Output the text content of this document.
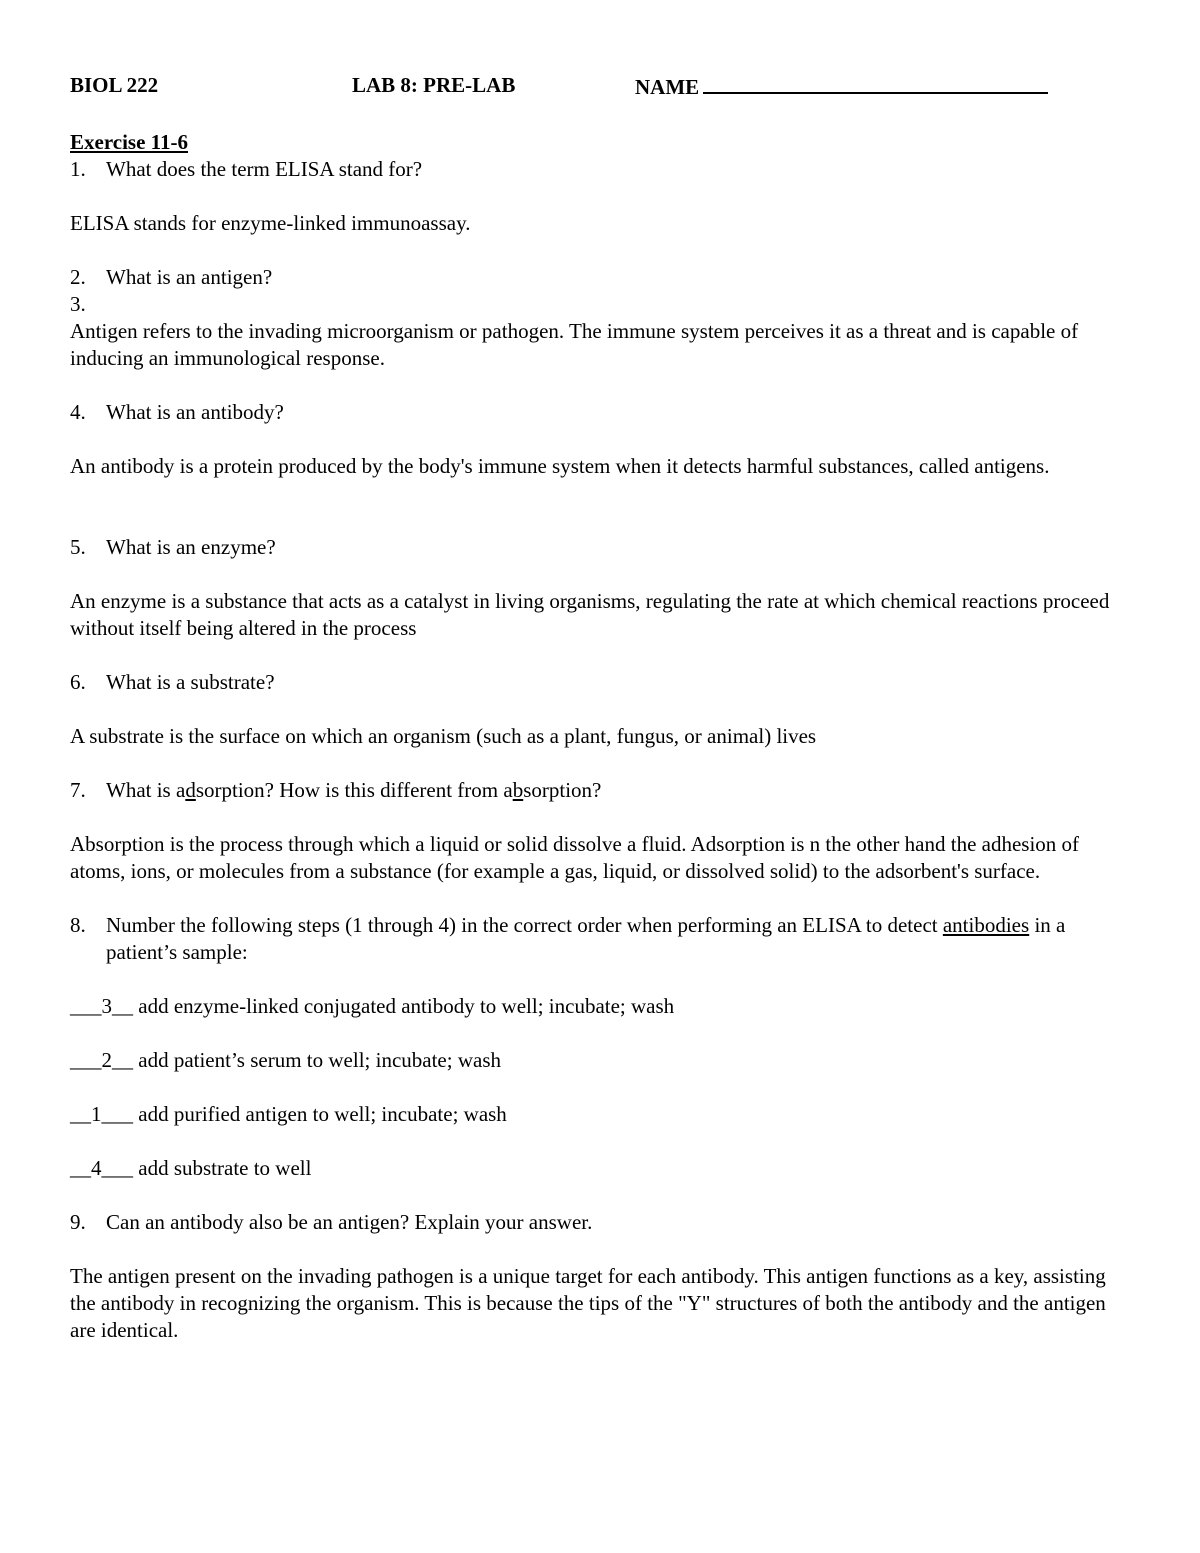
BIOL 222	LAB 8: PRE-LAB	NAME
Exercise 11-6
1. What does the term ELISA stand for?

ELISA stands for enzyme-linked immunoassay.

2. What is an antigen?
3.

Antigen refers to the invading microorganism or pathogen. The immune system perceives it as a threat and is capable of inducing an immunological response.

4. What is an antibody?

An antibody is a protein produced by the body's immune system when it detects harmful substances, called antigens.

5. What is an enzyme?

An enzyme is a substance that acts as a catalyst in living organisms, regulating the rate at which chemical reactions proceed without itself being altered in the process

6. What is a substrate?

A substrate is the surface on which an organism (such as a plant, fungus, or animal) lives

7. What is adsorption? How is this different from absorption?

Absorption is the process through which a liquid or solid dissolve a fluid. Adsorption is n the other hand the adhesion of atoms, ions, or molecules from a substance (for example a gas, liquid, or dissolved solid) to the adsorbent's surface.

8. Number the following steps (1 through 4) in the correct order when performing an ELISA to detect antibodies in a patient’s sample:

___3__ add enzyme-linked conjugated antibody to well; incubate; wash

___2__ add patient’s serum to well; incubate; wash

__1___ add purified antigen to well; incubate; wash

__4___ add substrate to well

9. Can an antibody also be an antigen? Explain your answer.

The antigen present on the invading pathogen is a unique target for each antibody. This antigen functions as a key, assisting the antibody in recognizing the organism. This is because the tips of the "Y" structures of both the antibody and the antigen are identical.
